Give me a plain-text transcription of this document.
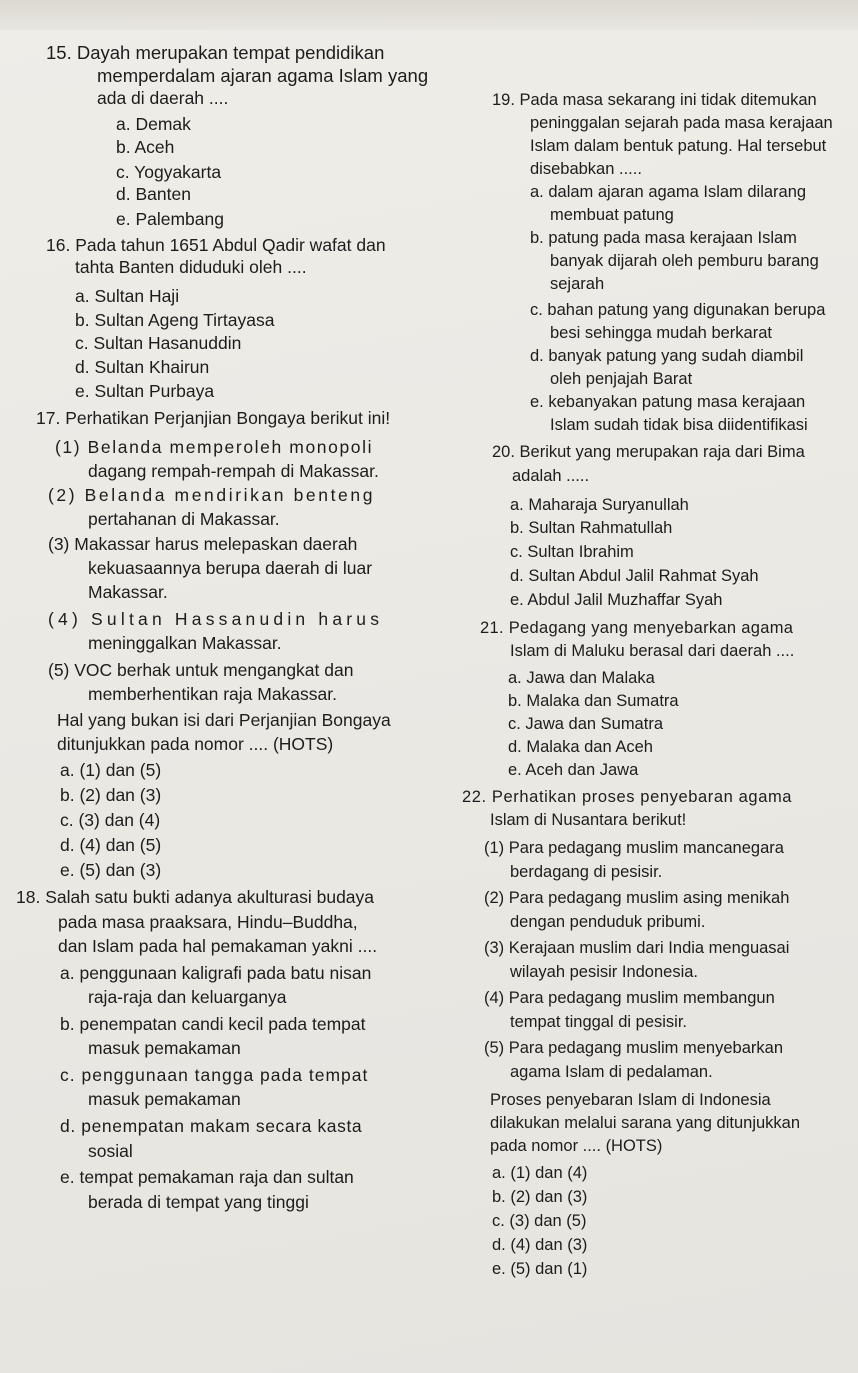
15. Dayah merupakan tempat pendidikan
memperdalam ajaran agama Islam yang
ada di daerah ....
a. Demak
b. Aceh
c. Yogyakarta
d. Banten
e. Palembang
16. Pada tahun 1651 Abdul Qadir wafat dan
tahta Banten diduduki oleh ....
a. Sultan Haji
b. Sultan Ageng Tirtayasa
c. Sultan Hasanuddin
d. Sultan Khairun
e. Sultan Purbaya
17. Perhatikan Perjanjian Bongaya berikut ini!
(1) Belanda memperoleh monopoli
dagang rempah-rempah di Makassar.
(2) Belanda mendirikan benteng
pertahanan di Makassar.
(3) Makassar harus melepaskan daerah
kekuasaannya berupa daerah di luar
Makassar.
(4) Sultan Hassanudin harus
meninggalkan Makassar.
(5) VOC berhak untuk mengangkat dan
memberhentikan raja Makassar.
Hal yang bukan isi dari Perjanjian Bongaya
ditunjukkan pada nomor .... (HOTS)
a. (1) dan (5)
b. (2) dan (3)
c. (3) dan (4)
d. (4) dan (5)
e. (5) dan (3)
18. Salah satu bukti adanya akulturasi budaya
pada masa praaksara, Hindu–Buddha,
dan Islam pada hal pemakaman yakni ....
a. penggunaan kaligrafi pada batu nisan
raja-raja dan keluarganya
b. penempatan candi kecil pada tempat
masuk pemakaman
c. penggunaan tangga pada tempat
masuk pemakaman
d. penempatan makam secara kasta
sosial
e. tempat pemakaman raja dan sultan
berada di tempat yang tinggi
19. Pada masa sekarang ini tidak ditemukan
peninggalan sejarah pada masa kerajaan
Islam dalam bentuk patung. Hal tersebut
disebabkan .....
a. dalam ajaran agama Islam dilarang
membuat patung
b. patung pada masa kerajaan Islam
banyak dijarah oleh pemburu barang
sejarah
c. bahan patung yang digunakan berupa
besi sehingga mudah berkarat
d. banyak patung yang sudah diambil
oleh penjajah Barat
e. kebanyakan patung masa kerajaan
Islam sudah tidak bisa diidentifikasi
20. Berikut yang merupakan raja dari Bima
adalah .....
a. Maharaja Suryanullah
b. Sultan Rahmatullah
c. Sultan Ibrahim
d. Sultan Abdul Jalil Rahmat Syah
e. Abdul Jalil Muzhaffar Syah
21. Pedagang yang menyebarkan agama
Islam di Maluku berasal dari daerah ....
a. Jawa dan Malaka
b. Malaka dan Sumatra
c. Jawa dan Sumatra
d. Malaka dan Aceh
e. Aceh dan Jawa
22. Perhatikan proses penyebaran agama
Islam di Nusantara berikut!
(1) Para pedagang muslim mancanegara
berdagang di pesisir.
(2) Para pedagang muslim asing menikah
dengan penduduk pribumi.
(3) Kerajaan muslim dari India menguasai
wilayah pesisir Indonesia.
(4) Para pedagang muslim membangun
tempat tinggal di pesisir.
(5) Para pedagang muslim menyebarkan
agama Islam di pedalaman.
Proses penyebaran Islam di Indonesia
dilakukan melalui sarana yang ditunjukkan
pada nomor .... (HOTS)
a. (1) dan (4)
b. (2) dan (3)
c. (3) dan (5)
d. (4) dan (3)
e. (5) dan (1)
